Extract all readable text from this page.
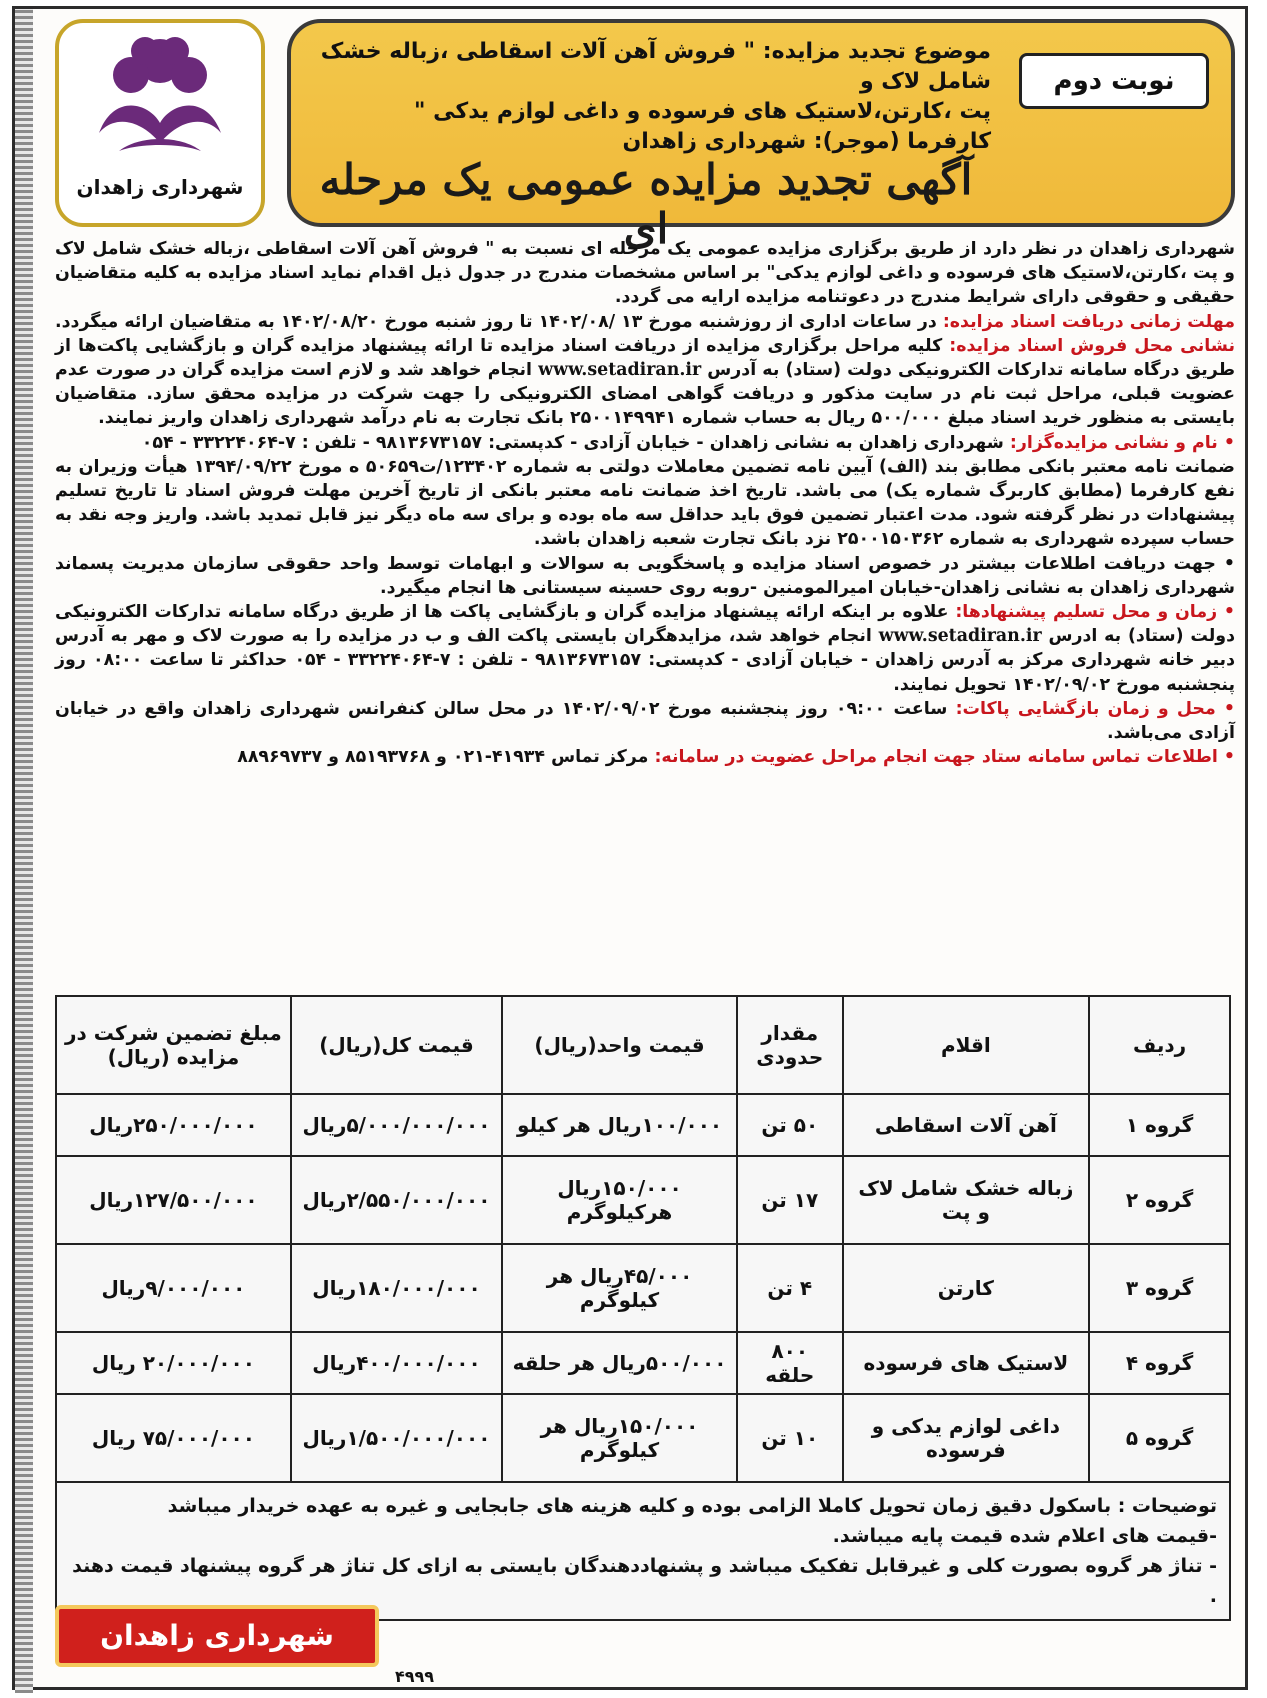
شهرداری زاهدان
نوبت دوم
موضوع تجدید مزایده: " فروش آهن آلات اسقاطی ،زباله خشک شامل لاک و
پت ،کارتن،لاستیک های فرسوده و داغی لوازم یدکی "
کارفرما (موجر): شهرداری زاهدان
آگهی تجدید مزایده عمومی یک مرحله ای

شهرداری زاهدان در نظر دارد از طریق برگزاری مزایده عمومی یک مرحله ای نسبت به " فروش آهن آلات اسقاطی ،زباله خشک شامل لاک و پت ،کارتن،لاستیک های فرسوده و داغی لوازم یدکی" بر اساس مشخصات مندرج در جدول ذیل اقدام نماید اسناد مزایده به کلیه متقاضیان حقیقی و حقوقی دارای شرایط مندرج در دعوتنامه مزایده ارایه می گردد.

مهلت زمانی دریافت اسناد مزایده: در ساعات اداری از روزشنبه مورخ ۱۳ /۱۴۰۲/۰۸ تا روز شنبه مورخ ۱۴۰۲/۰۸/۲۰ به متقاضیان ارائه میگردد.

نشانی محل فروش اسناد مزایده: کلیه مراحل برگزاری مزایده از دریافت اسناد مزایده تا ارائه پیشنهاد مزایده گران و بازگشایی پاکت‌ها از طریق درگاه سامانه تدارکات الکترونیکی دولت (ستاد) به آدرس www.setadiran.ir انجام خواهد شد و لازم است مزایده گران در صورت عدم عضویت قبلی، مراحل ثبت نام در سایت مذکور و دریافت گواهی امضای الکترونیکی را جهت شرکت در مزایده محقق سازد. متقاضیان بایستی به منظور خرید اسناد مبلغ ۵۰۰/۰۰۰ ریال به حساب شماره ۲۵۰۰۱۴۹۹۴۱ بانک تجارت به نام درآمد شهرداری زاهدان واریز نمایند.

• نام و نشانی مزایده‌گزار: شهرداری زاهدان به نشانی زاهدان - خیابان آزادی - کدپستی: ۹۸۱۳۶۷۳۱۵۷ - تلفن : ۷-۳۳۲۲۴۰۶۴ - ۰۵۴

ضمانت نامه معتبر بانکی مطابق بند (الف) آیین نامه تضمین معاملات دولتی به شماره ۱۲۳۴۰۲/ت۵۰۶۵۹ ه مورخ ۱۳۹۴/۰۹/۲۲ هیأت وزیران به نفع کارفرما (مطابق کاربرگ شماره یک) می باشد. تاریخ اخذ ضمانت نامه معتبر بانکی از تاریخ آخرین مهلت فروش اسناد تا تاریخ تسلیم پیشنهادات در نظر گرفته شود. مدت اعتبار تضمین فوق باید حداقل سه ماه بوده و برای سه ماه دیگر نیز قابل تمدید باشد. واریز وجه نقد به حساب سپرده شهرداری به شماره ۲۵۰۰۱۵۰۳۶۲ نزد بانک تجارت شعبه زاهدان باشد.

• جهت دریافت اطلاعات بیشتر در خصوص اسناد مزایده و پاسخگویی به سوالات و ابهامات توسط واحد حقوقی سازمان مدیریت پسماند شهرداری زاهدان به نشانی زاهدان-خیابان امیرالمومنین -روبه روی حسینه سیستانی ها انجام میگیرد.

• زمان و محل تسلیم پیشنهادها: علاوه بر اینکه ارائه پیشنهاد مزایده گران و بازگشایی پاکت ها از طریق درگاه سامانه تدارکات الکترونیکی دولت (ستاد) به ادرس www.setadiran.ir انجام خواهد شد، مزایدهگران بایستی پاکت الف و ب در مزایده را به صورت لاک و مهر به آدرس دبیر خانه شهرداری مرکز به آدرس زاهدان - خیابان آزادی - کدپستی: ۹۸۱۳۶۷۳۱۵۷ - تلفن : ۷-۳۳۲۲۴۰۶۴ - ۰۵۴ حداکثر تا ساعت ۰۸:۰۰ روز پنجشنبه مورخ ۱۴۰۲/۰۹/۰۲ تحویل نمایند.

• محل و زمان بازگشایی پاکات: ساعت ۰۹:۰۰ روز پنجشنبه مورخ ۱۴۰۲/۰۹/۰۲ در محل سالن کنفرانس شهرداری زاهدان واقع در خیابان آزادی می‌باشد.

• اطلاعات تماس سامانه ستاد جهت انجام مراحل عضویت در سامانه: مرکز تماس ۴۱۹۳۴-۰۲۱ و ۸۵۱۹۳۷۶۸ و ۸۸۹۶۹۷۳۷

ردیف	اقلام	مقدار حدودی	قیمت واحد(ریال)	قیمت کل(ریال)	مبلغ تضمین شرکت در مزایده (ریال)
گروه ۱	آهن آلات اسقاطی	۵۰ تن	۱۰۰/۰۰۰ریال هر کیلو	۵/۰۰۰/۰۰۰/۰۰۰ریال	۲۵۰/۰۰۰/۰۰۰ریال
گروه ۲	زباله خشک شامل لاک و پت	۱۷ تن	۱۵۰/۰۰۰ریال هرکیلوگرم	۲/۵۵۰/۰۰۰/۰۰۰ریال	۱۲۷/۵۰۰/۰۰۰ریال
گروه ۳	کارتن	۴ تن	۴۵/۰۰۰ریال هر کیلوگرم	۱۸۰/۰۰۰/۰۰۰ریال	۹/۰۰۰/۰۰۰ریال
گروه ۴	لاستیک های فرسوده	۸۰۰ حلقه	۵۰۰/۰۰۰ریال هر حلقه	۴۰۰/۰۰۰/۰۰۰ریال	۲۰/۰۰۰/۰۰۰ ریال
گروه ۵	داغی لوازم یدکی و فرسوده	۱۰ تن	۱۵۰/۰۰۰ریال هر کیلوگرم	۱/۵۰۰/۰۰۰/۰۰۰ریال	۷۵/۰۰۰/۰۰۰ ریال
توضیحات : باسکول دقیق زمان تحویل کاملا الزامی بوده و کلیه هزینه های جابجایی و غیره به عهده خریدار میباشد
-قیمت های اعلام شده قیمت پایه میباشد.
- تناژ هر گروه بصورت کلی و غیرقابل تفکیک میباشد و پشنهاددهندگان بایستی به ازای کل تناژ هر گروه پیشنهاد قیمت دهند .
شهرداری زاهدان
۴۹۹۹
